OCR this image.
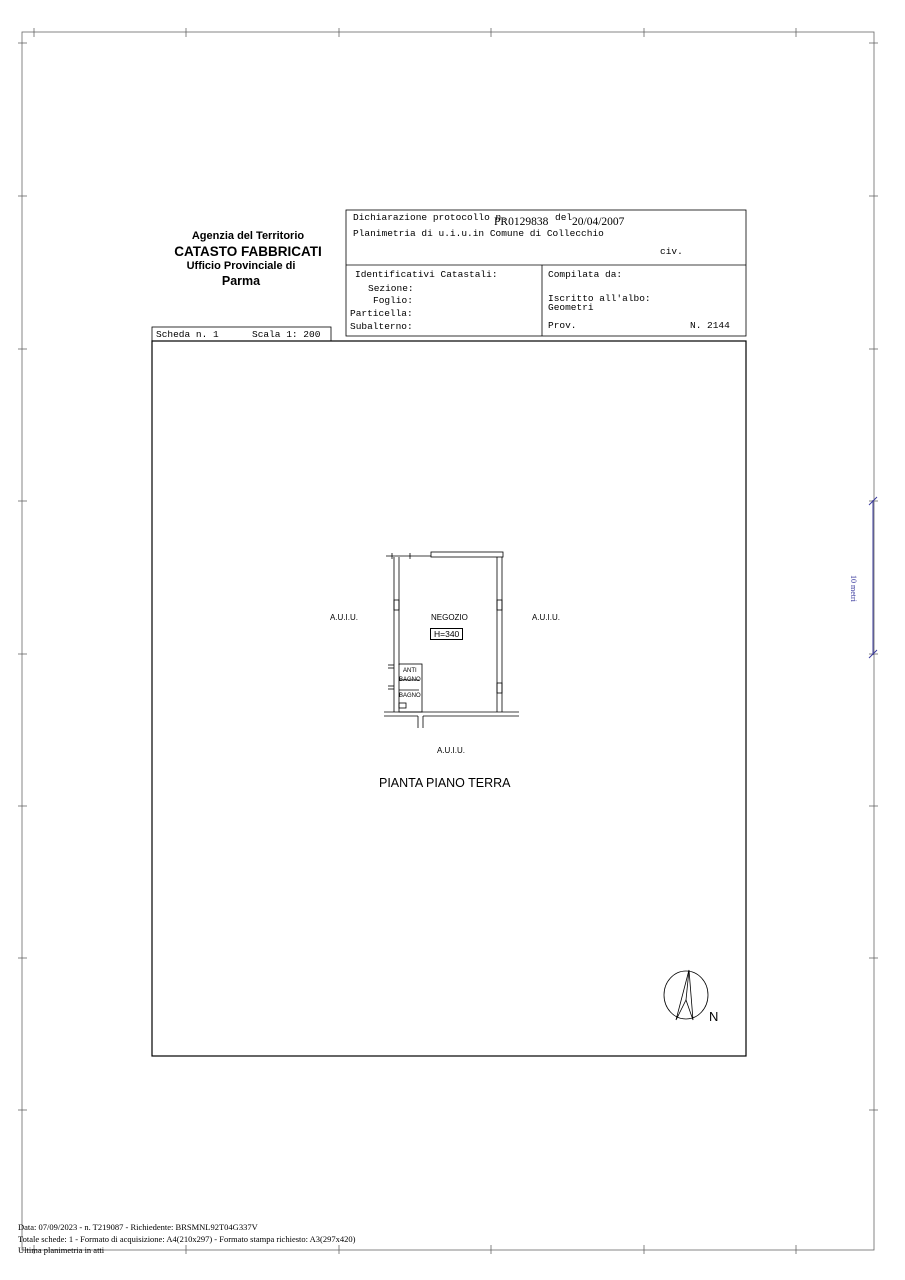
Agenzia del Territorio
CATASTO FABBRICATI
Ufficio Provinciale di
Parma
Dichiarazione protocollo n.
PR0129838 del 20/04/2007
Planimetria di u.i.u.in Comune di Collecchio
civ.
Identificativi Catastali:
Sezione:
Foglio:
Particella:
Subalterno:
Compilata da:
Iscritto all'albo:
Geometri
Prov.	N. 2144
Scheda n. 1	Scala 1: 200
A.U.I.U.	A.U.I.U.
NEGOZIO
H=340
ANTI
BAGNO
BAGNO
A.U.I.U.
PIANTA PIANO TERRA
N
10 metri
Data: 07/09/2023 - n. T219087 - Richiedente: BRSMNL92T04G337V
Totale schede: 1 - Formato di acquisizione: A4(210x297) - Formato stampa richiesto: A3(297x420)
Ultima planimetria in atti
